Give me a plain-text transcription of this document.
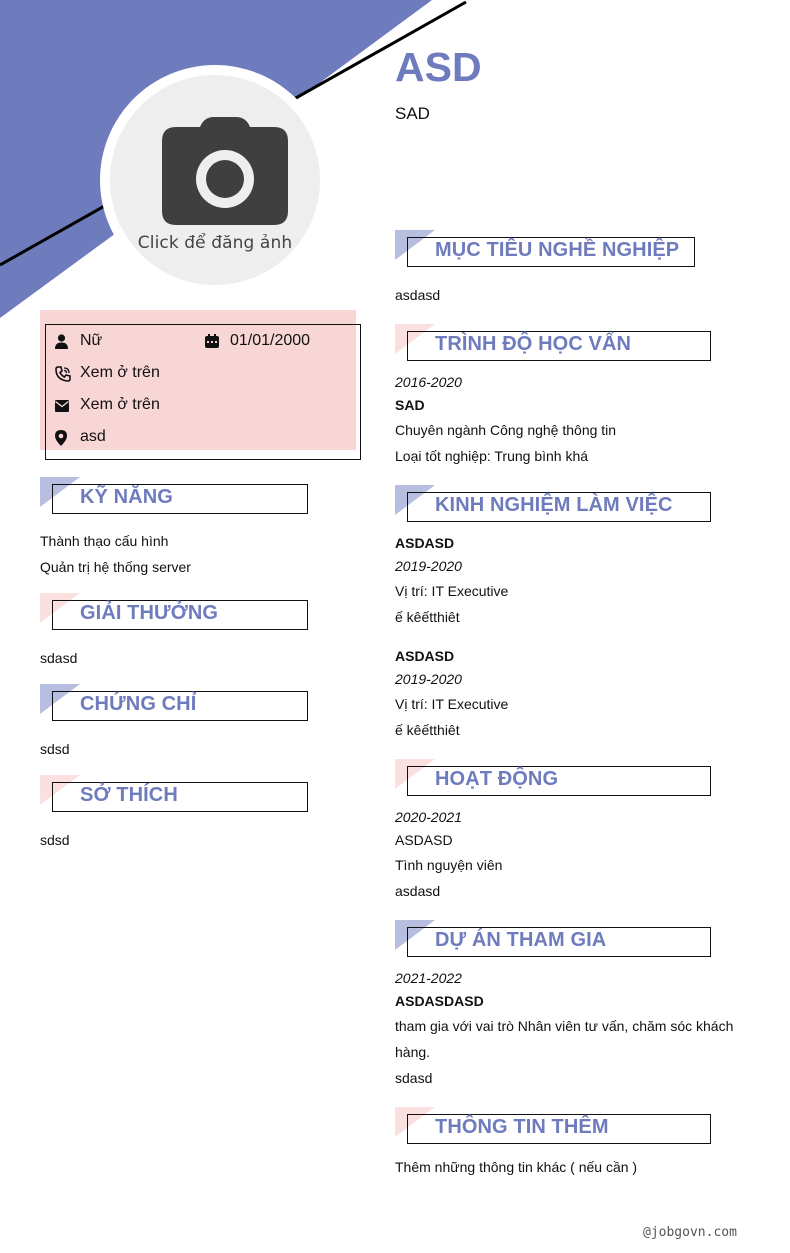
Click để đăng ảnh
ASD
SAD
Nữ	01/01/2000
Xem ở trên
Xem ở trên
asd
KỸ NĂNG
Thành thạo cấu hình
Quản trị hệ thống server
GIẢI THƯỞNG
sdasd
CHỨNG CHỈ
sdsd
SỞ THÍCH
sdsd
MỤC TIÊU NGHỀ NGHIỆP
asdasd
TRÌNH ĐỘ HỌC VẤN
2016-2020
SAD
Chuyên ngành Công nghệ thông tin
Loại tốt nghiệp: Trung bình khá
KINH NGHIỆM LÀM VIỆC
ASDASD
2019-2020
Vị trí: IT Executive
ế kêếtthiêt
ASDASD
2019-2020
Vị trí: IT Executive
ế kêếtthiêt
HOẠT ĐỘNG
2020-2021
ASDASD
Tình nguyện viên
asdasd
DỰ ÁN THAM GIA
2021-2022
ASDASDASD
tham gia với vai trò Nhân viên tư vấn, chăm sóc khách
hàng.
sdasd
THÔNG TIN THÊM
Thêm những thông tin khác ( nếu cần )
@jobgovn.com
